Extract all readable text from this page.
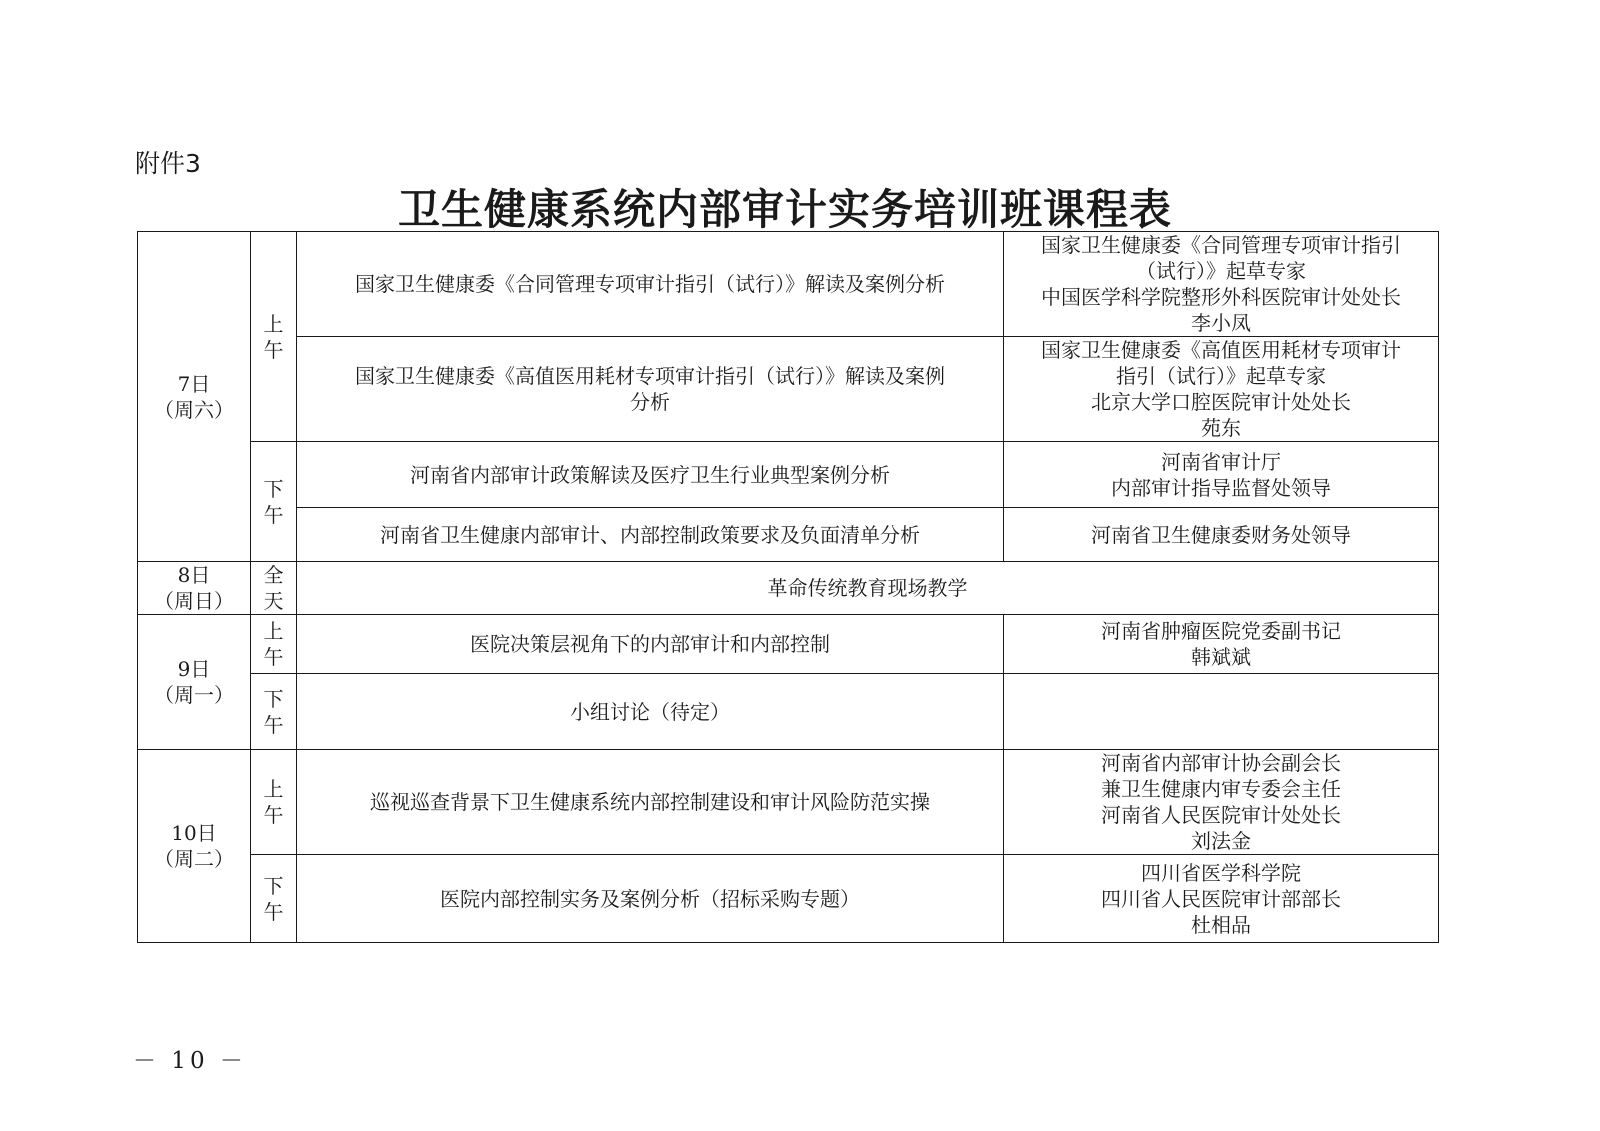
附件3
卫生健康系统内部审计实务培训班课程表
7日
（周六）	上午	国家卫生健康委《合同管理专项审计指引（试行）》解读及案例分析	国家卫生健康委《合同管理专项审计指引
（试行）》起草专家
中国医学科学院整形外科医院审计处处长
李小凤

		国家卫生健康委《高值医用耗材专项审计指引（试行）》解读及案例
分析	国家卫生健康委《高值医用耗材专项审计
指引（试行）》起草专家
北京大学口腔医院审计处处长
苑东

	下午	河南省内部审计政策解读及医疗卫生行业典型案例分析	河南省审计厅
内部审计指导监督处领导

		河南省卫生健康内部审计、内部控制政策要求及负面清单分析	河南省卫生健康委财务处领导

8日
（周日）	全天	革命传统教育现场教学	

9日
（周一）	上午	医院决策层视角下的内部审计和内部控制	河南省肿瘤医院党委副书记
韩斌斌

	下午	小组讨论（待定）	

10日
（周二）	上午	巡视巡查背景下卫生健康系统内部控制建设和审计风险防范实操	河南省内部审计协会副会长
兼卫生健康内审专委会主任
河南省人民医院审计处处长
刘法金

	下午	医院内部控制实务及案例分析（招标采购专题）	四川省医学科学院
四川省人民医院审计部部长
杜相品
－ 10 －
